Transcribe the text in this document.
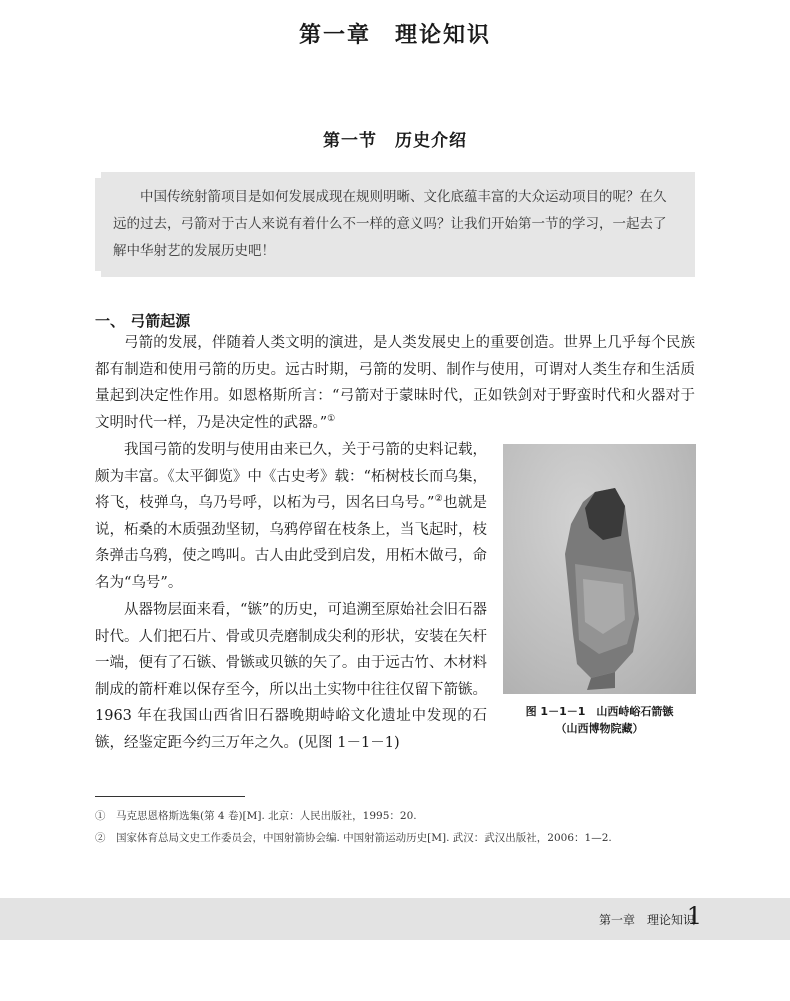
第一章　理论知识
第一节　历史介绍

中国传统射箭项目是如何发展成现在规则明晰、文化底蕴丰富的大众运动项目的呢？在久远的过去，弓箭对于古人来说有着什么不一样的意义吗？让我们开始第一节的学习，一起去了解中华射艺的发展历史吧！

一、 弓箭起源

弓箭的发展，伴随着人类文明的演进，是人类发展史上的重要创造。世界上几乎每个民族都有制造和使用弓箭的历史。远古时期，弓箭的发明、制作与使用，可谓对人类生存和生活质量起到决定性作用。如恩格斯所言：“弓箭对于蒙昧时代，正如铁剑对于野蛮时代和火器对于文明时代一样，乃是决定性的武器。”①

我国弓箭的发明与使用由来已久，关于弓箭的史料记载，颇为丰富。《太平御览》中《古史考》载：“柘树枝长而乌集，将飞，枝弹乌，乌乃号呼，以柘为弓，因名曰乌号。”②也就是说，柘桑的木质强劲坚韧，乌鸦停留在枝条上，当飞起时，枝条弹击乌鸦，使之鸣叫。古人由此受到启发，用柘木做弓，命名为“乌号”。

从器物层面来看，“镞”的历史，可追溯至原始社会旧石器时代。人们把石片、骨或贝壳磨制成尖利的形状，安装在矢杆一端，便有了石镞、骨镞或贝镞的矢了。由于远古竹、木材料制成的箭杆难以保存至今，所以出土实物中往往仅留下箭镞。1963 年在我国山西省旧石器晚期峙峪文化遗址中发现的石镞，经鉴定距今约三万年之久。(见图 1－1－1)

图 1－1－1　山西峙峪石箭镞
（山西博物院藏）
①　马克思恩格斯选集(第 4 卷)[M]. 北京：人民出版社，1995：20.
②　国家体育总局文史工作委员会，中国射箭协会编. 中国射箭运动历史[M]. 武汉：武汉出版社，2006：1—2.
第一章　理论知识
1
